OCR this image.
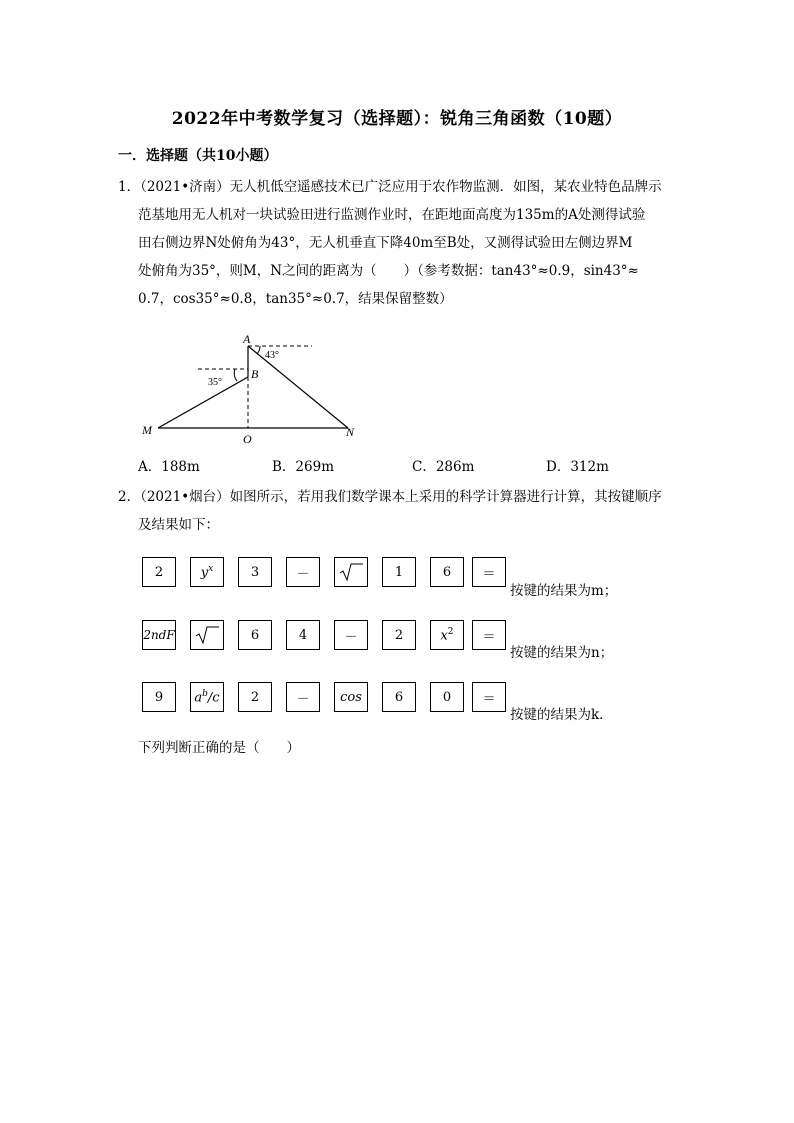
2022年中考数学复习（选择题）：锐角三角函数（10题）
一．选择题（共10小题）

1．（2021•济南）无人机低空遥感技术已广泛应用于农作物监测．如图，某农业特色品牌示

范基地用无人机对一块试验田进行监测作业时，在距地面高度为135m的A处测得试验

田右侧边界N处俯角为43°，无人机垂直下降40m至B处，又测得试验田左侧边界M

处俯角为35°，则M，N之间的距离为（　　）（参考数据：tan43°≈0.9，sin43°≈

0.7，cos35°≈0.8，tan35°≈0.7，结果保留整数）

A
B
M
O	N
43°
35°
A．188m	B．269m	C．286m	D．312m

2．（2021•烟台）如图所示，若用我们数学课本上采用的科学计算器进行计算，其按键顺序

及结果如下：

2	$y^x$	3	－	1	6	＝
按键的结果为m；
2ndF	6	4	－	2	$x^2$	＝
按键的结果为n；
9	$a^b/c$	2	－	cos	6	0	＝
按键的结果为k．
下列判断正确的是（　　）
